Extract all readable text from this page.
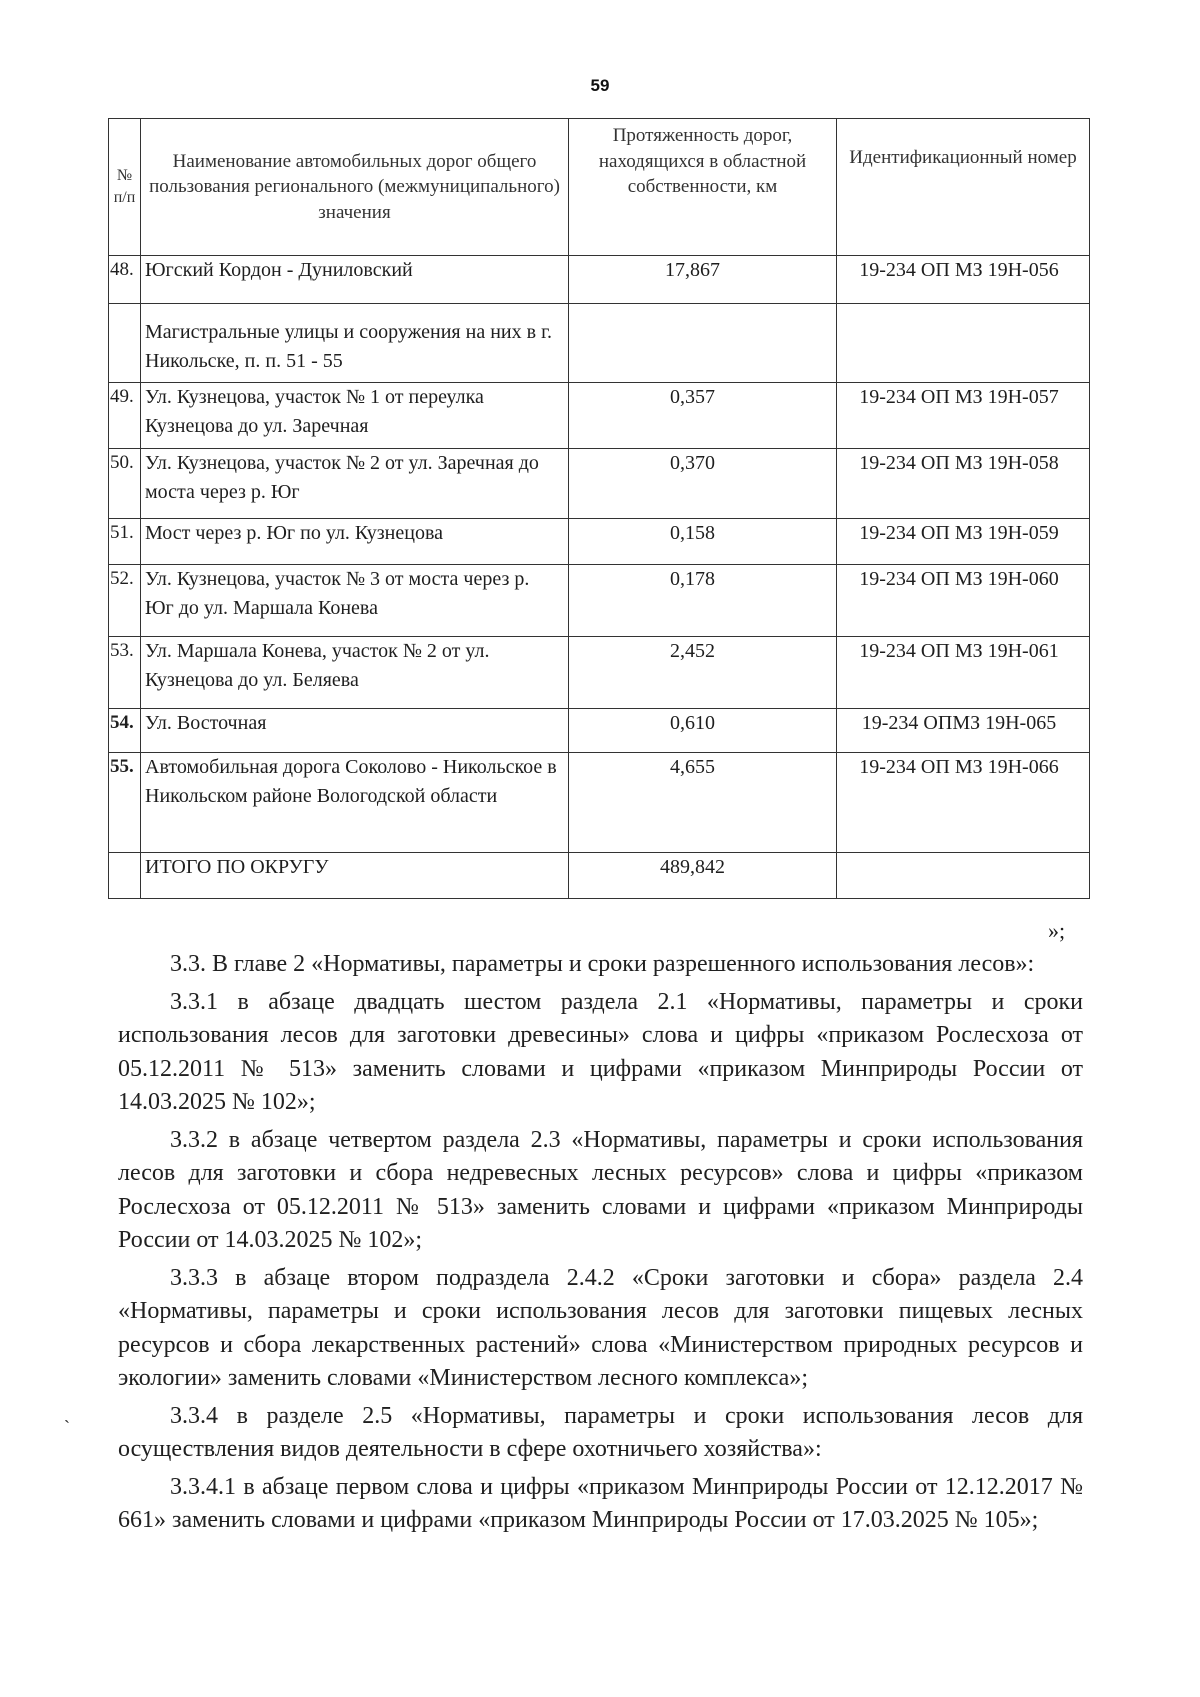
59
№ п/п	Наименование автомобильных дорог общего пользования регионального (межмуниципального) значения	Протяженность дорог, находящихся в областной собственности, км	Идентификационный номер
48.	Югский Кордон - Дуниловский	17,867	19-234 ОП МЗ 19Н-056
	Магистральные улицы и сооружения на них в г. Никольске, п. п. 51 - 55		
49.	Ул. Кузнецова, участок № 1 от переулка Кузнецова до ул. Заречная	0,357	19-234 ОП МЗ 19Н-057
50.	Ул. Кузнецова, участок № 2 от ул. Заречная до моста через р. Юг	0,370	19-234 ОП МЗ 19Н-058
51.	Мост через р. Юг по ул. Кузнецова	0,158	19-234 ОП МЗ 19Н-059
52.	Ул. Кузнецова, участок № 3 от моста через р. Юг до ул. Маршала Конева	0,178	19-234 ОП МЗ 19Н-060
53.	Ул. Маршала Конева, участок № 2 от ул. Кузнецова до ул. Беляева	2,452	19-234 ОП МЗ 19Н-061
54.	Ул. Восточная	0,610	19-234 ОПМЗ 19Н-065
55.	Автомобильная дорога Соколово - Никольское в Никольском районе Вологодской области	4,655	19-234 ОП МЗ 19Н-066
	ИТОГО ПО ОКРУГУ	489,842	
»;

3.3. В главе 2 «Нормативы, параметры и сроки разрешенного использования лесов»:

3.3.1 в абзаце двадцать шестом раздела 2.1 «Нормативы, параметры и сроки использования лесов для заготовки древесины» слова и цифры «приказом Рослесхоза от 05.12.2011 № 513» заменить словами и цифрами «приказом Минприроды России от 14.03.2025 № 102»;

3.3.2 в абзаце четвертом раздела 2.3 «Нормативы, параметры и сроки использования лесов для заготовки и сбора недревесных лесных ресурсов» слова и цифры «приказом Рослесхоза от 05.12.2011 № 513» заменить словами и цифрами «приказом Минприроды России от 14.03.2025 № 102»;

3.3.3 в абзаце втором подраздела 2.4.2 «Сроки заготовки и сбора» раздела 2.4 «Нормативы, параметры и сроки использования лесов для заготовки пищевых лесных ресурсов и сбора лекарственных растений» слова «Министерством природных ресурсов и экологии» заменить словами «Министерством лесного комплекса»;

3.3.4 в разделе 2.5 «Нормативы, параметры и сроки использования лесов для осуществления видов деятельности в сфере охотничьего хозяйства»:

3.3.4.1 в абзаце первом слова и цифры «приказом Минприроды России от 12.12.2017 № 661» заменить словами и цифрами «приказом Минприроды России от 17.03.2025 № 105»;

ˋ
